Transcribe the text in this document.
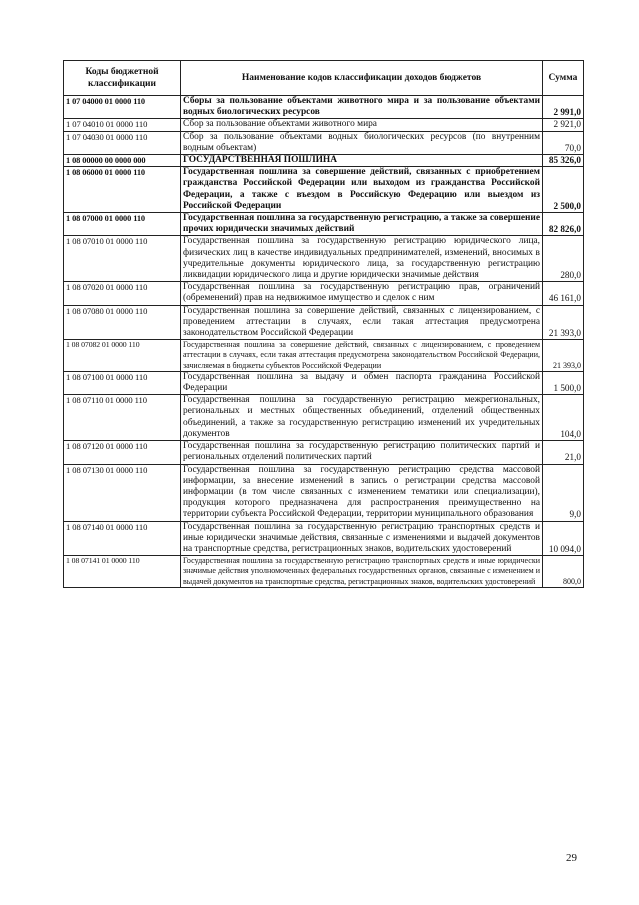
Коды бюджетной классификации	Наименование кодов классификации доходов бюджетов	Сумма
1 07 04000 01 0000 110	Сборы за пользование объектами животного мира и за пользование объектами водных биологических ресурсов	2 991,0
1 07 04010 01 0000 110	Сбор за пользование объектами животного мира	2 921,0
1 07 04030 01 0000 110	Сбор за пользование объектами водных биологических ресурсов (по внутренним водным объектам)	70,0
1 08 00000 00 0000 000	ГОСУДАРСТВЕННАЯ ПОШЛИНА	85 326,0
1 08 06000 01 0000 110	Государственная пошлина за совершение действий, связанных с приобретением гражданства Российской Федерации или выходом из гражданства Российской Федерации, а также с въездом в Российскую Федерацию или выездом из Российской Федерации	2 500,0
1 08 07000 01 0000 110	Государственная пошлина за государственную регистрацию, а также за совершение прочих юридически значимых действий	82 826,0
1 08 07010 01 0000 110	Государственная пошлина за государственную регистрацию юридического лица, физических лиц в качестве индивидуальных предпринимателей, изменений, вносимых в учредительные документы юридического лица, за государственную регистрацию ликвидации юридического лица и другие юридически значимые действия	280,0
1 08 07020 01 0000 110	Государственная пошлина за государственную регистрацию прав, ограничений (обременений) прав на недвижимое имущество и сделок с ним	46 161,0
1 08 07080 01 0000 110	Государственная пошлина за совершение действий, связанных с лицензированием, с проведением аттестации в случаях, если такая аттестация предусмотрена законодательством Российской Федерации	21 393,0
1 08 07082 01 0000 110	Государственная пошлина за совершение действий, связанных с лицензированием, с проведением аттестации в случаях, если такая аттестация предусмотрена законодательством Российской Федерации, зачисляемая в бюджеты субъектов Российской Федерации	21 393,0
1 08 07100 01 0000 110	Государственная пошлина за выдачу и обмен паспорта гражданина Российской Федерации	1 500,0
1 08 07110 01 0000 110	Государственная пошлина за государственную регистрацию межрегиональных, региональных и местных общественных объединений, отделений общественных объединений, а также за государственную регистрацию изменений их учредительных документов	104,0
1 08 07120 01 0000 110	Государственная пошлина за государственную регистрацию политических партий и региональных отделений политических партий	21,0
1 08 07130 01 0000 110	Государственная пошлина за государственную регистрацию средства массовой информации, за внесение изменений в запись о регистрации средства массовой информации (в том числе связанных с изменением тематики или специализации), продукция которого предназначена для распространения преимущественно на территории субъекта Российской Федерации, территории муниципального образования	9,0
1 08 07140 01 0000 110	Государственная пошлина за государственную регистрацию транспортных средств и иные юридически значимые действия, связанные с изменениями и выдачей документов на транспортные средства, регистрационных знаков, водительских удостоверений	10 094,0
1 08 07141 01 0000 110	Государственная пошлина за государственную регистрацию транспортных средств и иные юридически значимые действия уполномоченных федеральных государственных органов, связанные с изменением и выдачей документов на транспортные средства, регистрационных знаков, водительских удостоверений	800,0
29
